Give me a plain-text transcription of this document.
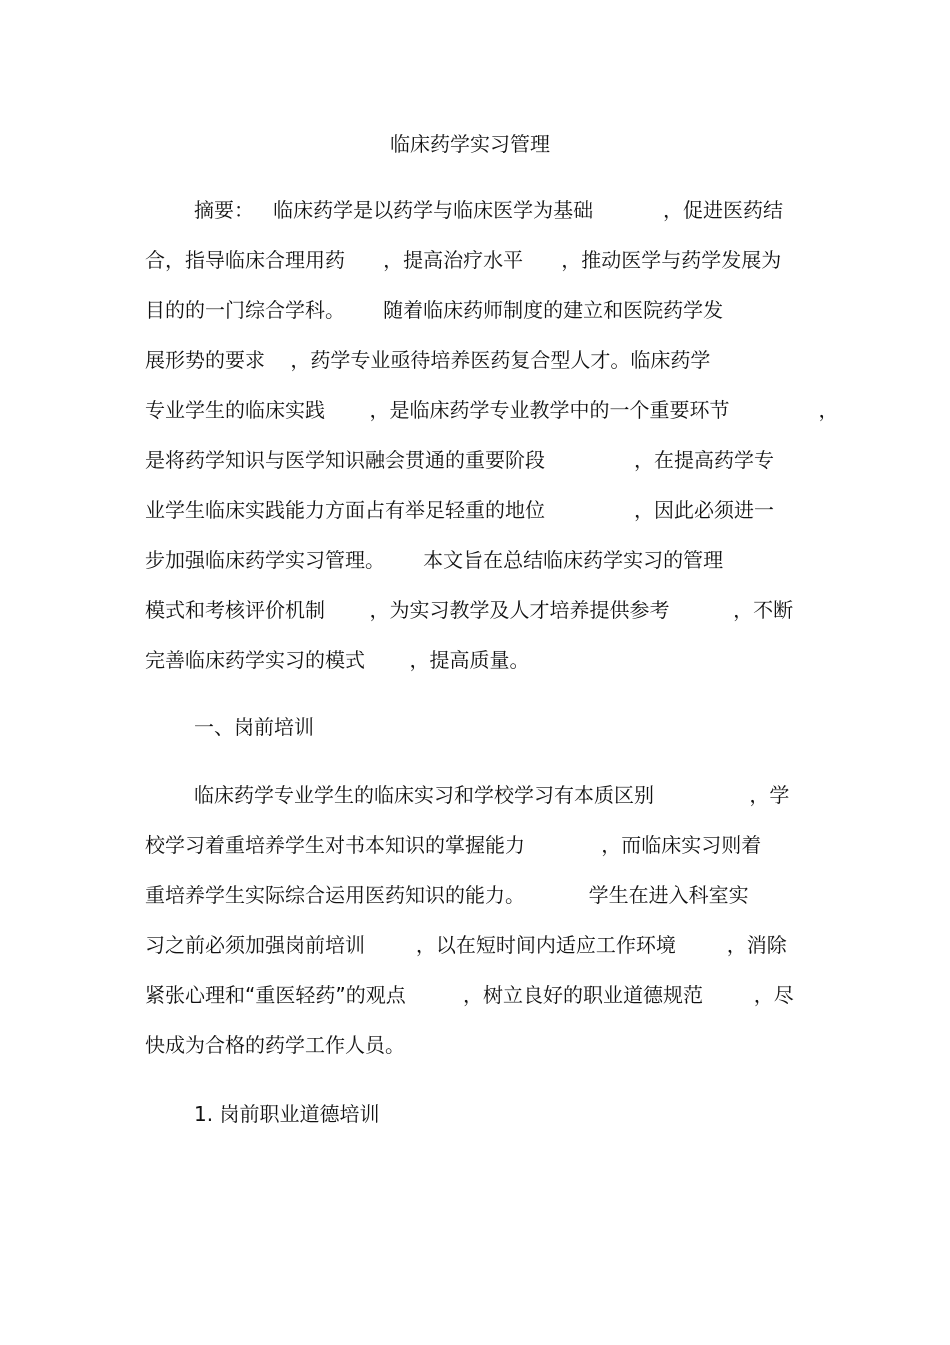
临床药学实习管理
摘要：   临床药学是以药学与临床医学为基础           ，促进医药结
合，指导临床合理用药      ，提高治疗水平      ，推动医学与药学发展为
目的的一门综合学科。      随着临床药师制度的建立和医院药学发
展形势的要求    ，药学专业亟待培养医药复合型人才。临床药学
专业学生的临床实践       ，是临床药学专业教学中的一个重要环节              ，
是将药学知识与医学知识融会贯通的重要阶段              ，在提高药学专
业学生临床实践能力方面占有举足轻重的地位              ，因此必须进一
步加强临床药学实习管理。      本文旨在总结临床药学实习的管理
模式和考核评价机制       ，为实习教学及人才培养提供参考          ，不断
完善临床药学实习的模式       ，提高质量。
一、岗前培训
临床药学专业学生的临床实习和学校学习有本质区别               ，学
校学习着重培养学生对书本知识的掌握能力            ，而临床实习则着
重培养学生实际综合运用医药知识的能力。          学生在进入科室实
习之前必须加强岗前培训        ，以在短时间内适应工作环境        ，消除
紧张心理和“重医轻药”的观点         ，树立良好的职业道德规范        ，尽
快成为合格的药学工作人员。
1. 岗前职业道德培训
